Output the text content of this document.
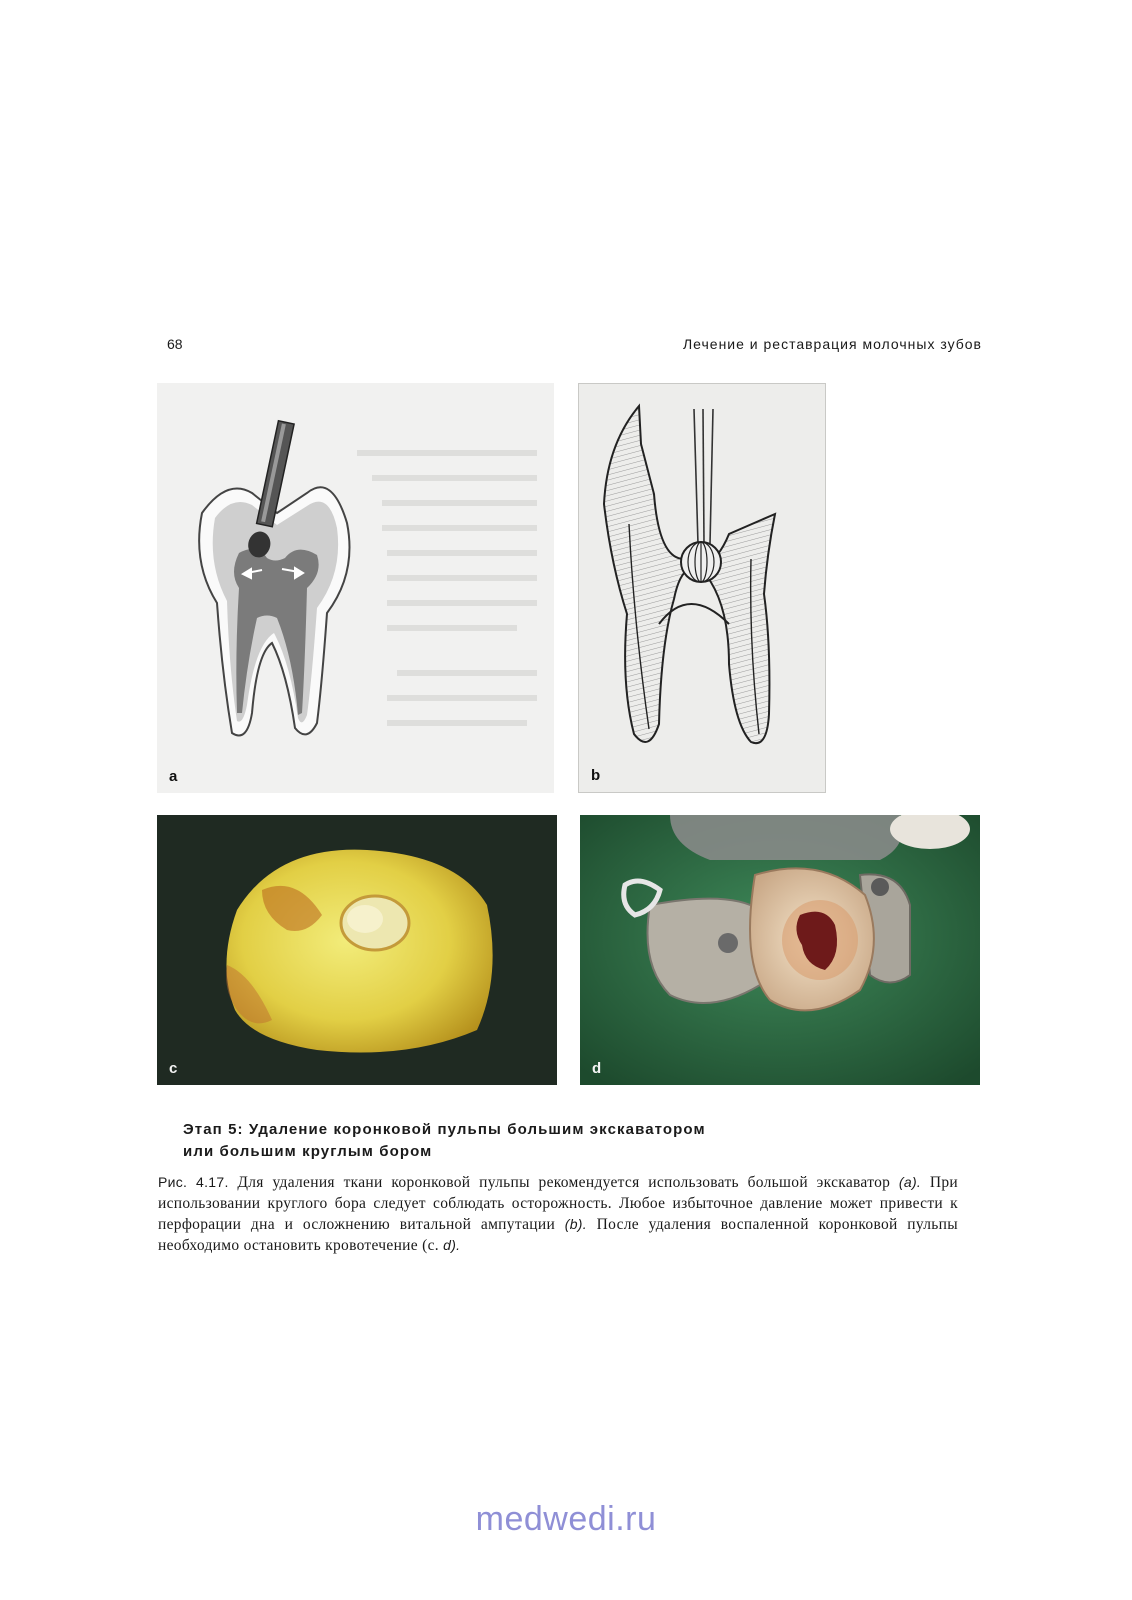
68	Лечение и реставрация молочных зубов
a	b
c	d
Этап 5: Удаление коронковой пульпы большим экскаватором
или большим круглым бором
Рис. 4.17. Для удаления ткани коронковой пульпы рекомендуется использовать большой экскаватор (а). При использовании круглого бора следует соблюдать осторожность. Любое избыточное давление может привести к перфорации дна и осложнению витальной ампутации (b). После удаления воспаленной коронковой пульпы необходимо остановить кровотечение (с. d).
medwedi.ru
